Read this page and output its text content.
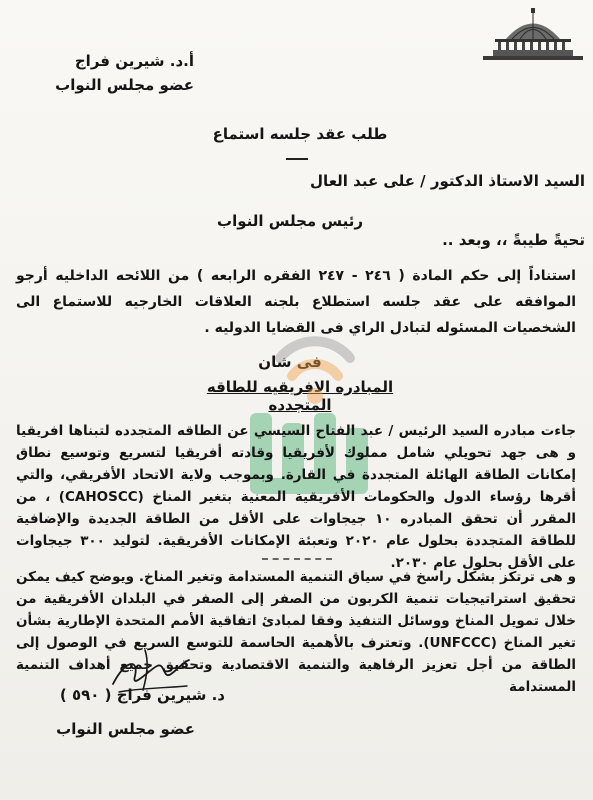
أ.د. شيرين فراج
عضو مجلس النواب
طلب عقد جلسه استماع
السيد الاستاذ الدكتور / على عبد العال
رئيس مجلس النواب
تحيةً طيبةً ،، وبعد ..
استناداً إلى حكم المادة ( ٢٤٦ - ٢٤٧ الفقره الرابعه ) من اللائحه الداخليه أرجو الموافقه على عقد جلسه استطلاع بلجنه العلاقات الخارجيه للاستماع الى الشخصيات المسئوله لتبادل الراي فى القضايا الدوليه .
فى شان
المبادره الافريقيه للطاقه المتجدده
جاءت مبادره السيد الرئيس / عبد الفتاح السيسي عن الطاقه المتجدده لتبناها افريقيا و هى جهد تحويلي شامل مملوك لأفريقيا وقادته أفريقيا لتسريع وتوسيع نطاق إمكانات الطاقة الهائلة المتجددة في القارة. وبموجب ولاية الاتحاد الأفريقي، والتي أقرها رؤساء الدول والحكومات الأفريقية المعنية بتغير المناخ (CAHOSCC) ، من المقرر أن تحقق المبادره ١٠ جيجاوات على الأقل من الطاقة الجديدة والإضافية للطاقة المتجددة بحلول عام ٢٠٢٠ وتعبئة الإمكانات الأفريقية. لتوليد ٣٠٠ جيجاوات على الأقل بحلول عام ٢٠٣٠.
و هى ترتكز بشكل راسخ في سياق التنمية المستدامة وتغير المناخ. ويوضح كيف يمكن تحقيق استراتيجيات تنمية الكربون من الصفر إلى الصفر في البلدان الأفريقية من خلال تمويل المناخ ووسائل التنفيذ وفقا لمبادئ اتفاقية الأمم المتحدة الإطارية بشأن تغير المناخ (UNFCCC). وتعترف بالأهمية الحاسمة للتوسع السريع في الوصول إلى الطاقة من أجل تعزيز الرفاهية والتنمية الاقتصادية وتحقيق جميع أهداف التنمية المستدامة
د. شيرين فراج ( ٥٩٠ )
عضو مجلس النواب
